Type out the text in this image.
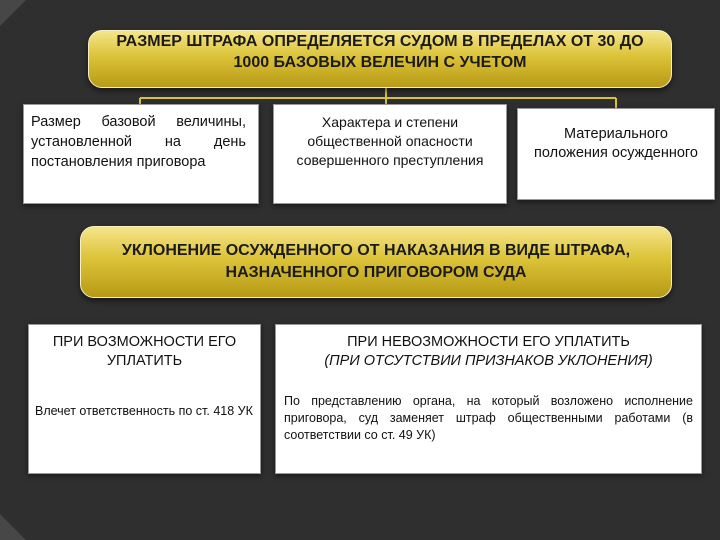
РАЗМЕР ШТРАФА ОПРЕДЕЛЯЕТСЯ СУДОМ В ПРЕДЕЛАХ ОТ 30 ДО 1000 БАЗОВЫХ ВЕЛЕЧИН С УЧЕТОМ
Размер базовой величины, установленной на день постановления приговора
Характера и степени общественной опасности совершенного преступления
Материального положения осужденного
УКЛОНЕНИЕ ОСУЖДЕННОГО ОТ НАКАЗАНИЯ В ВИДЕ ШТРАФА, НАЗНАЧЕННОГО ПРИГОВОРОМ СУДА
ПРИ ВОЗМОЖНОСТИ ЕГО УПЛАТИТЬ
Влечет ответственность по ст. 418 УК
ПРИ НЕВОЗМОЖНОСТИ ЕГО УПЛАТИТЬ
(ПРИ ОТСУТСТВИИ ПРИЗНАКОВ УКЛОНЕНИЯ)
По представлению органа, на который возложено исполнение приговора, суд заменяет штраф общественными работами (в соответствии со ст. 49 УК)
